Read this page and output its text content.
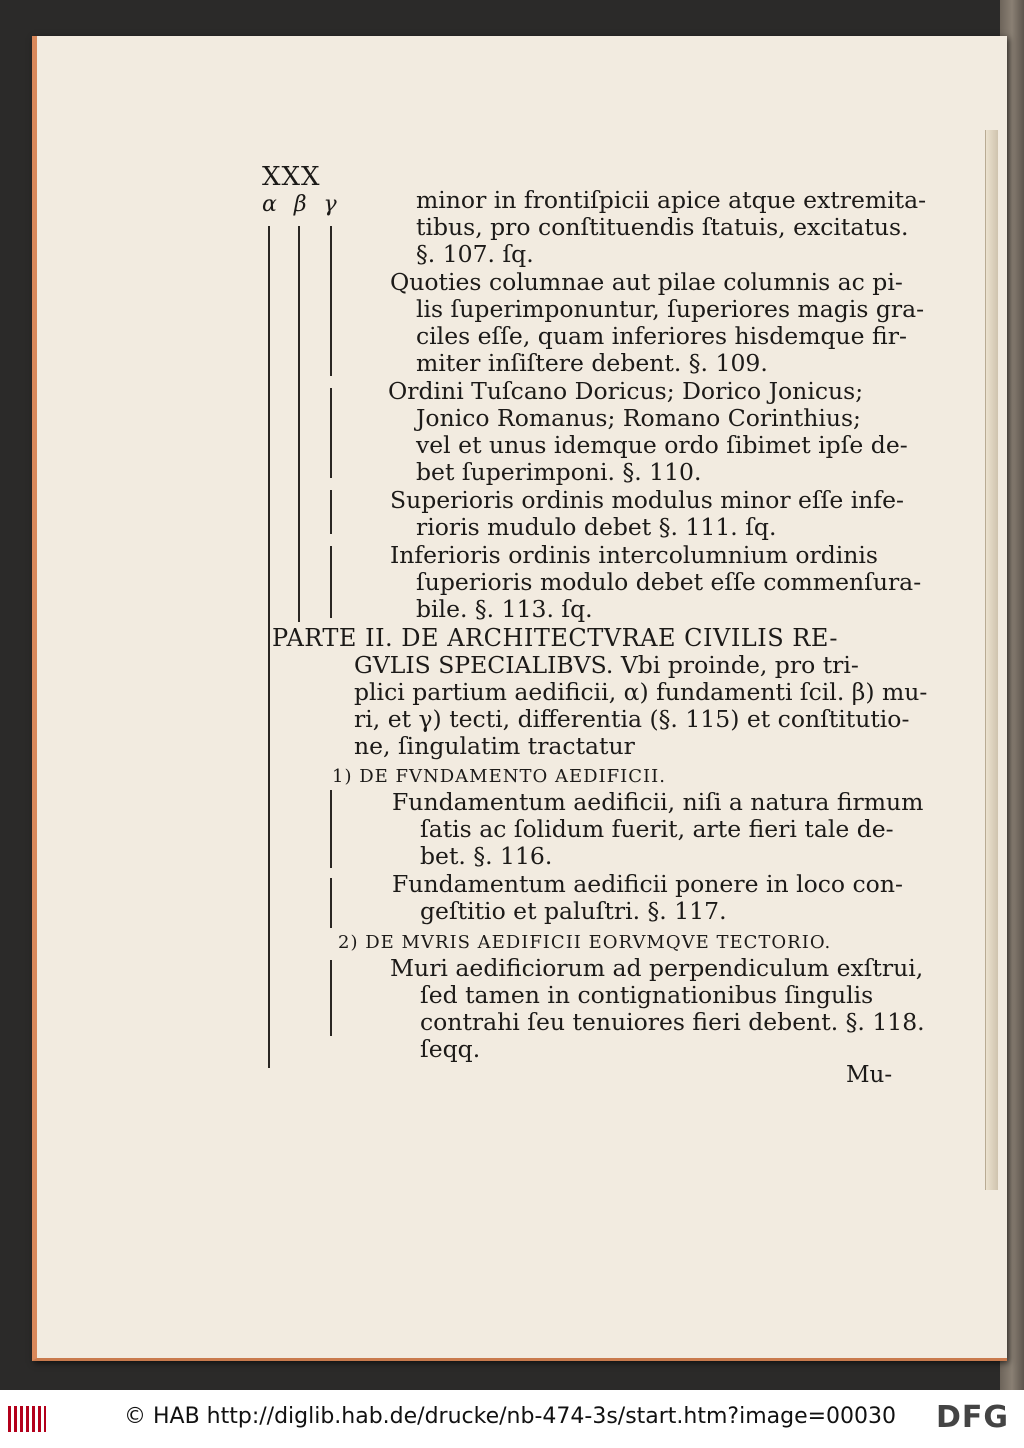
XXX
α β γ	minor in frontiſpicii apice atque extremita-
tibus, pro conſtituendis ſtatuis, excitatus.
§. 107. ſq.
Quoties columnae aut pilae columnis ac pi-
lis ſuperimponuntur, ſuperiores magis gra-
ciles eſſe, quam inferiores hisdemque fir-
miter inſiſtere debent. §. 109.
Ordini Tuſcano Doricus; Dorico Jonicus;
Jonico Romanus; Romano Corinthius;
vel et unus idemque ordo ſibimet ipſe de-
bet ſuperimponi. §. 110.
Superioris ordinis modulus minor eſſe infe-
rioris mudulo debet §. 111. ſq.
Inferioris ordinis intercolumnium ordinis
ſuperioris modulo debet eſſe commenſura-
bile. §. 113. ſq.
PARTE II. DE ARCHITECTVRAE CIVILIS RE-
GVLIS SPECIALIBVS. Vbi proinde, pro tri-
plici partium aedificii, α) fundamenti ſcil. β) mu-
ri, et γ) tecti, differentia (§. 115) et conſtitutio-
ne, ſingulatim tractatur
1) DE FVNDAMENTO AEDIFICII.
Fundamentum aedificii, niſi a natura firmum
ſatis ac ſolidum fuerit, arte fieri tale de-
bet. §. 116.
Fundamentum aedificii ponere in loco con-
geſtitio et paluſtri. §. 117.
2) DE MVRIS AEDIFICII EORVMQVE TECTORIO.
Muri aedificiorum ad perpendiculum exſtrui,
ſed tamen in contignationibus ſingulis
contrahi ſeu tenuiores fieri debent. §. 118.
ſeqq.
Mu-
© HAB http://diglib.hab.de/drucke/nb-474-3s/start.htm?image=00030 DFG
